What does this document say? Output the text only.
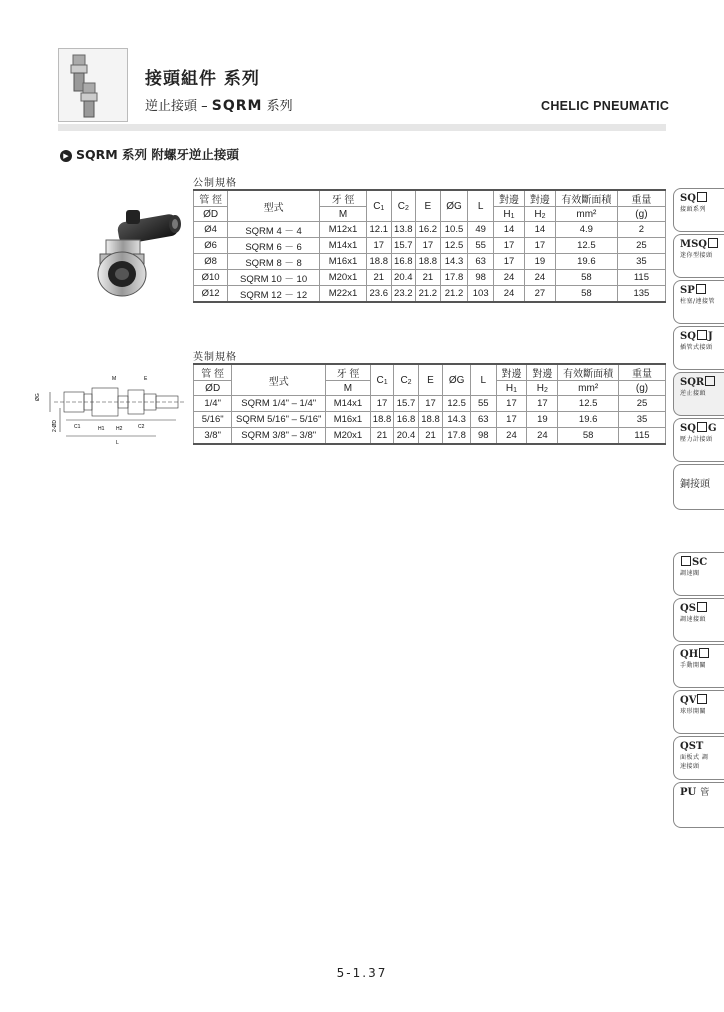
接頭組件 系列
逆止接頭 – SQRM 系列	CHELIC PNEUMATIC
▶ SQRM 系列 附螺牙逆止接頭
M	E
C1	H1 H2	C2
L
ØG
2-ØD
公制規格
管 徑	型式	牙 徑	C1	C2	E	ØG	L	對邊	對邊	有效斷面積	重量
ØD		M						H1	H2	mm²	(g)
Ø4	SQRM 4 － 4	M12x1	12.1	13.8	16.2	10.5	49	14	14	4.9	2
Ø6	SQRM 6 － 6	M14x1	17	15.7	17	12.5	55	17	17	12.5	25
Ø8	SQRM 8 － 8	M16x1	18.8	16.8	18.8	14.3	63	17	19	19.6	35
Ø10	SQRM 10 － 10	M20x1	21	20.4	21	17.8	98	24	24	58	115
Ø12	SQRM 12 － 12	M22x1	23.6	23.2	21.2	21.2	103	24	27	58	135
英制規格
管 徑	型式	牙 徑	C1	C2	E	ØG	L	對邊	對邊	有效斷面積	重量
ØD		M						H1	H2	mm²	(g)
1/4"	SQRM 1/4" – 1/4"	M14x1	17	15.7	17	12.5	55	17	17	12.5	25
5/16"	SQRM 5/16" – 5/16"	M16x1	18.8	16.8	18.8	14.3	63	17	19	19.6	35
3/8"	SQRM 3/8" – 3/8"	M20x1	21	20.4	21	17.8	98	24	24	58	115
SQ
接頭系列
MSQ
迷你型接頭
SP
柱塞/連接管
SQ J
插管式接頭
SQR
逆止接頭
SQ G
壓力計接頭
銅接頭
SC
調速閥
QS
調速接頭
QH
手動開關
QV
球形開關
QST
面板式 調速接頭
PU 管
5-1.37
